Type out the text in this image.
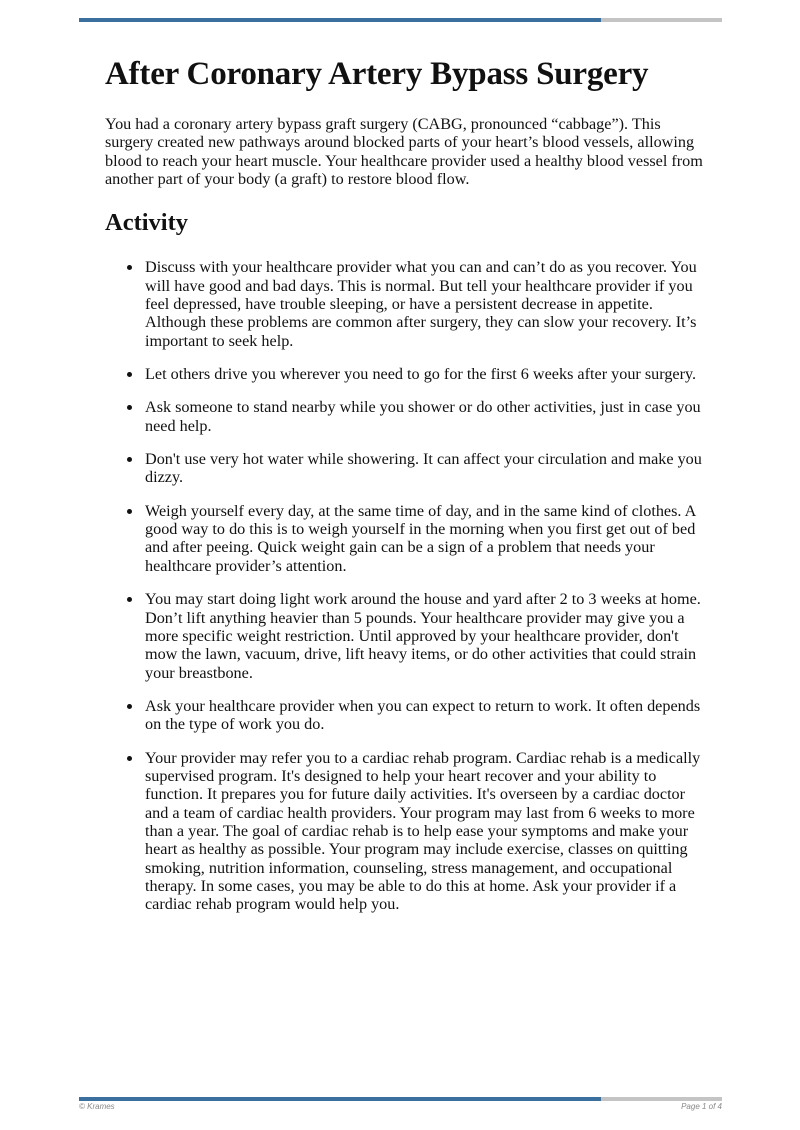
After Coronary Artery Bypass Surgery

You had a coronary artery bypass graft surgery (CABG, pronounced “cabbage”). This surgery created new pathways around blocked parts of your heart’s blood vessels, allowing blood to reach your heart muscle. Your healthcare provider used a healthy blood vessel from another part of your body (a graft) to restore blood flow.

Activity
Discuss with your healthcare provider what you can and can’t do as you recover. You will have good and bad days. This is normal. But tell your healthcare provider if you feel depressed, have trouble sleeping, or have a persistent decrease in appetite. Although these problems are common after surgery, they can slow your recovery. It’s important to seek help.
Let others drive you wherever you need to go for the first 6 weeks after your surgery.
Ask someone to stand nearby while you shower or do other activities, just in case you need help.
Don't use very hot water while showering. It can affect your circulation and make you dizzy.
Weigh yourself every day, at the same time of day, and in the same kind of clothes. A good way to do this is to weigh yourself in the morning when you first get out of bed and after peeing. Quick weight gain can be a sign of a problem that needs your healthcare provider’s attention.
You may start doing light work around the house and yard after 2 to 3 weeks at home. Don’t lift anything heavier than 5 pounds. Your healthcare provider may give you a more specific weight restriction. Until approved by your healthcare provider, don't mow the lawn, vacuum, drive, lift heavy items, or do other activities that could strain your breastbone.
Ask your healthcare provider when you can expect to return to work. It often depends on the type of work you do.
Your provider may refer you to a cardiac rehab program. Cardiac rehab is a medically supervised program. It's designed to help your heart recover and your ability to function. It prepares you for future daily activities. It's overseen by a cardiac doctor and a team of cardiac health providers. Your program may last from 6 weeks to more than a year. The goal of cardiac rehab is to help ease your symptoms and make your heart as healthy as possible. Your program may include exercise, classes on quitting smoking, nutrition information, counseling, stress management, and occupational therapy. In some cases, you may be able to do this at home. Ask your provider if a cardiac rehab program would help you.
© Krames	Page 1 of 4
